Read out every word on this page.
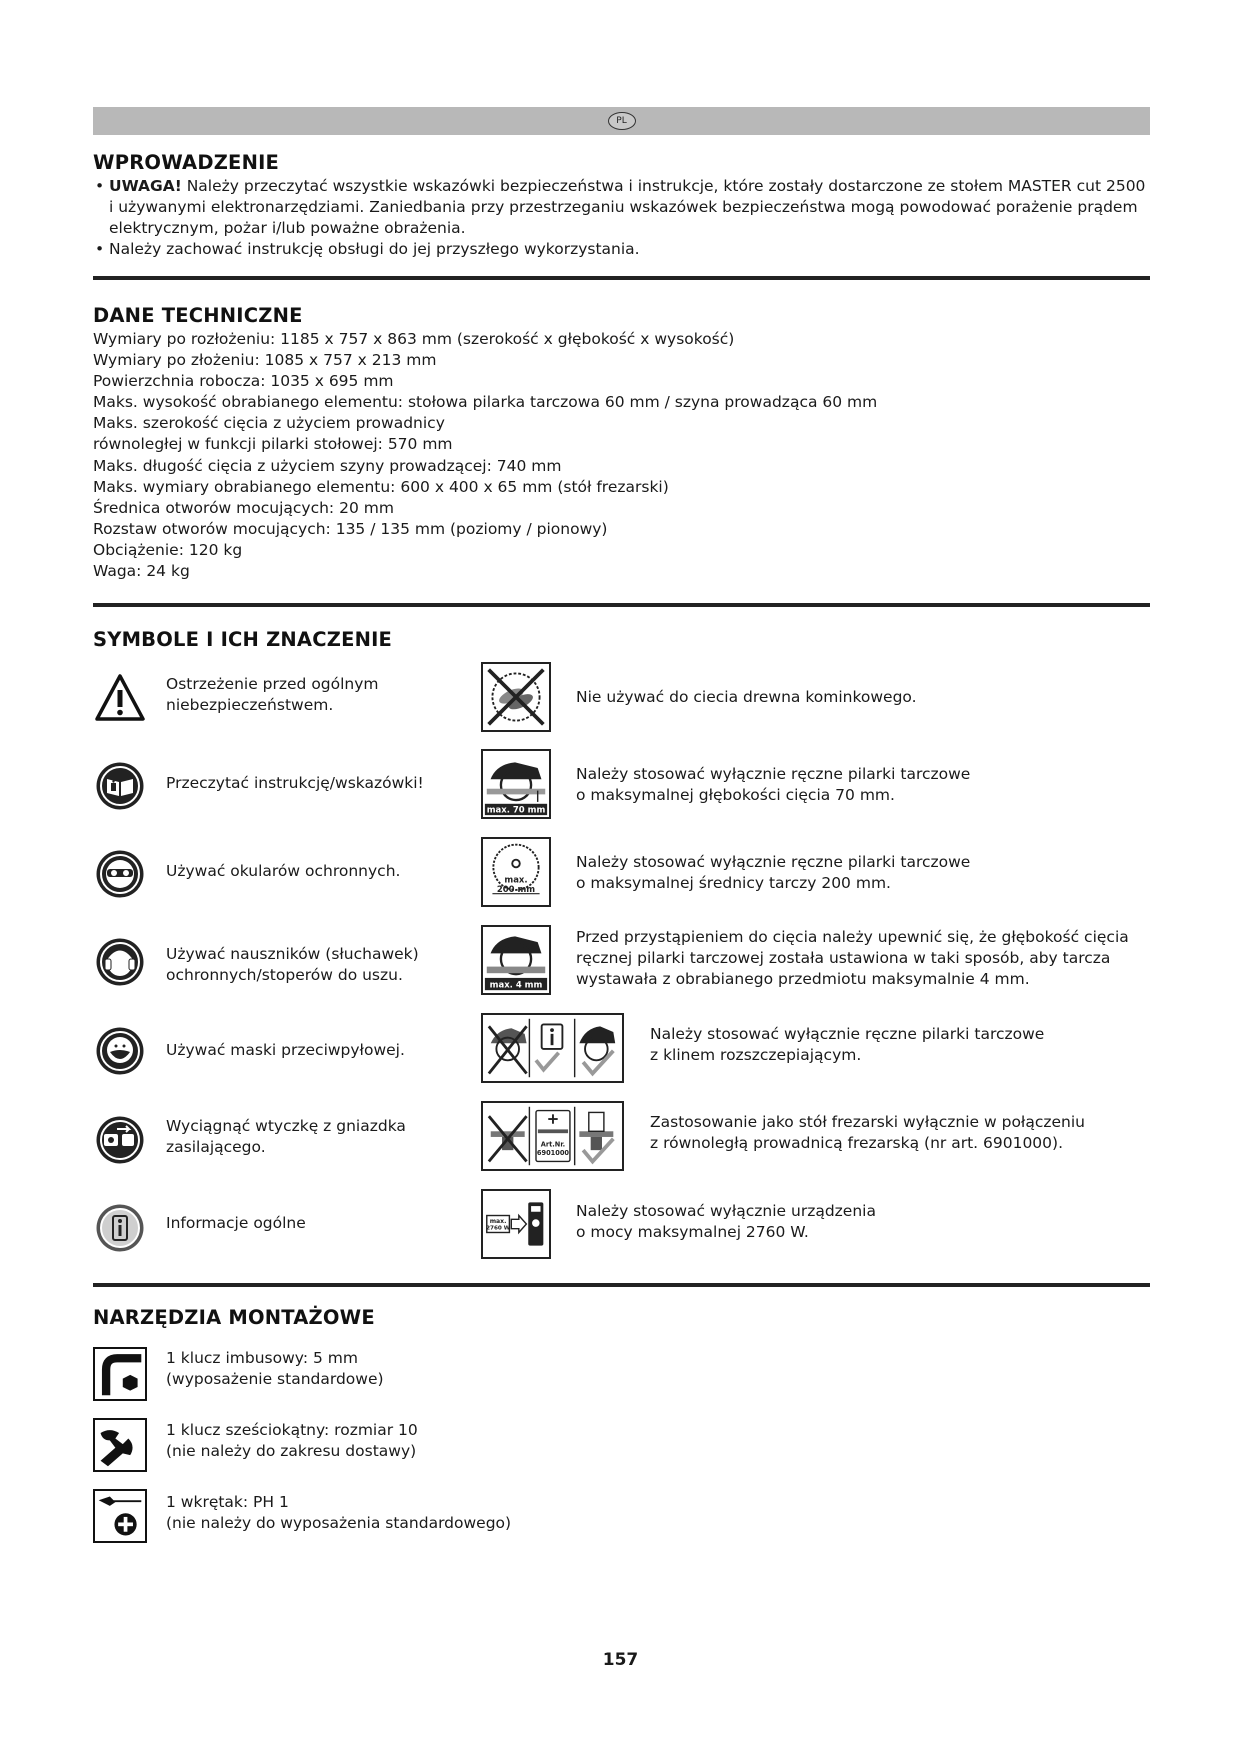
PL
WPROWADZENIE

• UWAGA! Należy przeczytać wszystkie wskazówki bezpieczeństwa i instrukcje, które zostały dostarczone ze stołem MASTER cut 2500
i używanymi elektronarzędziami. Zaniedbania przy przestrzeganiu wskazówek bezpieczeństwa mogą powodować porażenie prądem
elektrycznym, pożar i/lub poważne obrażenia.

• Należy zachować instrukcję obsługi do jej przyszłego wykorzystania.

DANE TECHNICZNE
Wymiary po rozłożeniu: 1185 x 757 x 863 mm (szerokość x głębokość x wysokość)
Wymiary po złożeniu: 1085 x 757 x 213 mm
Powierzchnia robocza: 1035 x 695 mm
Maks. wysokość obrabianego elementu: stołowa pilarka tarczowa 60 mm / szyna prowadząca 60 mm
Maks. szerokość cięcia z użyciem prowadnicy
równoległej w funkcji pilarki stołowej: 570 mm
Maks. długość cięcia z użyciem szyny prowadzącej: 740 mm
Maks. wymiary obrabianego elementu: 600 x 400 x 65 mm (stół frezarski)
Średnica otworów mocujących: 20 mm
Rozstaw otworów mocujących: 135 / 135 mm (poziomy / pionowy)
Obciążenie: 120 kg
Waga: 24 kg
SYMBOLE I ICH ZNACZENIE
Ostrzeżenie przed ogólnym
niebezpieczeństwem.
Przeczytać instrukcję/wskazówki!
Używać okularów ochronnych.
Używać nauszników (słuchawek)
ochronnych/stoperów do uszu.
Używać maski przeciwpyłowej.
Wyciągnąć wtyczkę z gniazdka
zasilającego.
Informacje ogólne
Nie używać do ciecia drewna kominkowego.
max. 70 mm
Należy stosować wyłącznie ręczne pilarki tarczowe
o maksymalnej głębokości cięcia 70 mm.
max.
200 mm
Należy stosować wyłącznie ręczne pilarki tarczowe
o maksymalnej średnicy tarczy 200 mm.
max. 4 mm
Przed przystąpieniem do cięcia należy upewnić się, że głębokość cięcia
ręcznej pilarki tarczowej została ustawiona w taki sposób, aby tarcza
wystawała z obrabianego przedmiotu maksymalnie 4 mm.
Należy stosować wyłącznie ręczne pilarki tarczowe
z klinem rozszczepiającym.
Art.Nr.
6901000
Zastosowanie jako stół frezarski wyłącznie w połączeniu
z równoległą prowadnicą frezarską (nr art. 6901000).
max.
2760 W
Należy stosować wyłącznie urządzenia
o mocy maksymalnej 2760 W.
NARZĘDZIA MONTAŻOWE
1 klucz imbusowy: 5 mm
(wyposażenie standardowe)
1 klucz sześciokątny: rozmiar 10
(nie należy do zakresu dostawy)
1 wkrętak: PH 1
(nie należy do wyposażenia standardowego)
157
